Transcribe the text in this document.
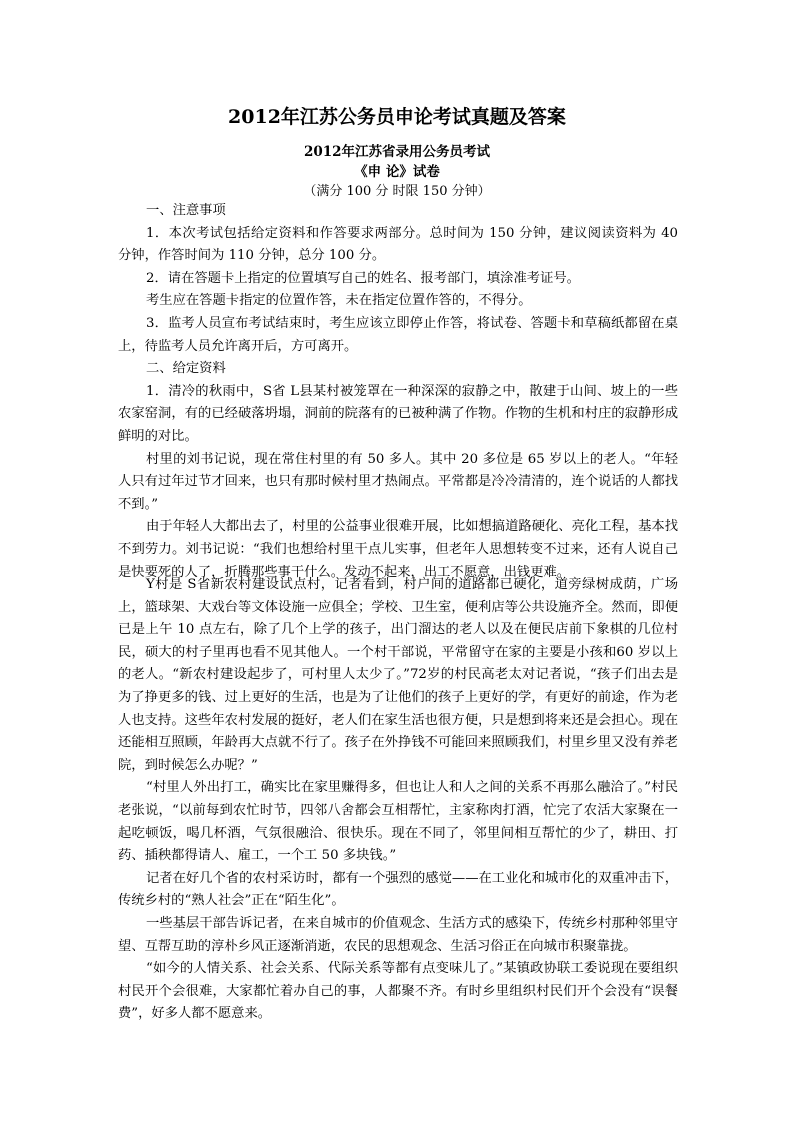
2012年江苏公务员申论考试真题及答案
2012年江苏省录用公务员考试
《申 论》试卷
（满分 100 分 时限 150 分钟）

一、注意事项

1．本次考试包括给定资料和作答要求两部分。总时间为 150 分钟，建议阅读资料为 40 分钟，作答时间为 110 分钟，总分 100 分。

2．请在答题卡上指定的位置填写自己的姓名、报考部门，填涂准考证号。

考生应在答题卡指定的位置作答，未在指定位置作答的，不得分。

3．监考人员宣布考试结束时，考生应该立即停止作答，将试卷、答题卡和草稿纸都留在桌上，待监考人员允许离开后，方可离开。

二、给定资料

1．清冷的秋雨中，S省 L县某村被笼罩在一种深深的寂静之中，散建于山间、坡上的一些农家窑洞，有的已经破落坍塌，洞前的院落有的已被种满了作物。作物的生机和村庄的寂静形成鲜明的对比。

村里的刘书记说，现在常住村里的有 50 多人。其中 20 多位是 65 岁以上的老人。“年轻人只有过年过节才回来，也只有那时候村里才热闹点。平常都是冷冷清清的，连个说话的人都找不到。”

由于年轻人大都出去了，村里的公益事业很难开展，比如想搞道路硬化、亮化工程，基本找不到劳力。刘书记说：“我们也想给村里干点儿实事，但老年人思想转变不过来，还有人说自己是快要死的人了，折腾那些事干什么。发动不起来，出工不愿意，出钱更难。

Y村是 S省新农村建设试点村，记者看到，村户间的道路都已硬化，道旁绿树成荫，广场上，篮球架、大戏台等文体设施一应俱全；学校、卫生室，便利店等公共设施齐全。然而，即便已是上午 10 点左右，除了几个上学的孩子，出门溜达的老人以及在便民店前下象棋的几位村民，硕大的村子里再也看不见其他人。一个村干部说，平常留守在家的主要是小孩和60 岁以上的老人。“新农村建设起步了，可村里人太少了。”72岁的村民高老太对记者说，“孩子们出去是为了挣更多的钱、过上更好的生活，也是为了让他们的孩子上更好的学，有更好的前途，作为老人也支持。这些年农村发展的挺好，老人们在家生活也很方便，只是想到将来还是会担心。现在还能相互照顾，年龄再大点就不行了。孩子在外挣钱不可能回来照顾我们，村里乡里又没有养老院，到时候怎么办呢？”

“村里人外出打工，确实比在家里赚得多，但也让人和人之间的关系不再那么融洽了。”村民老张说，“以前每到农忙时节，四邻八舍都会互相帮忙，主家称肉打酒，忙完了农活大家聚在一起吃顿饭，喝几杯酒，气氛很融洽、很快乐。现在不同了，邻里间相互帮忙的少了，耕田、打药、插秧都得请人、雇工，一个工 50 多块钱。”

记者在好几个省的农村采访时，都有一个强烈的感觉——在工业化和城市化的双重冲击下，传统乡村的“熟人社会”正在“陌生化”。

一些基层干部告诉记者，在来自城市的价值观念、生活方式的感染下，传统乡村那种邻里守望、互帮互助的淳朴乡风正逐渐消逝，农民的思想观念、生活习俗正在向城市积聚靠拢。

“如今的人情关系、社会关系、代际关系等都有点变味儿了。”某镇政协联工委说现在要组织村民开个会很难，大家都忙着办自己的事，人都聚不齐。有时乡里组织村民们开个会没有“误餐费”，好多人都不愿意来。
